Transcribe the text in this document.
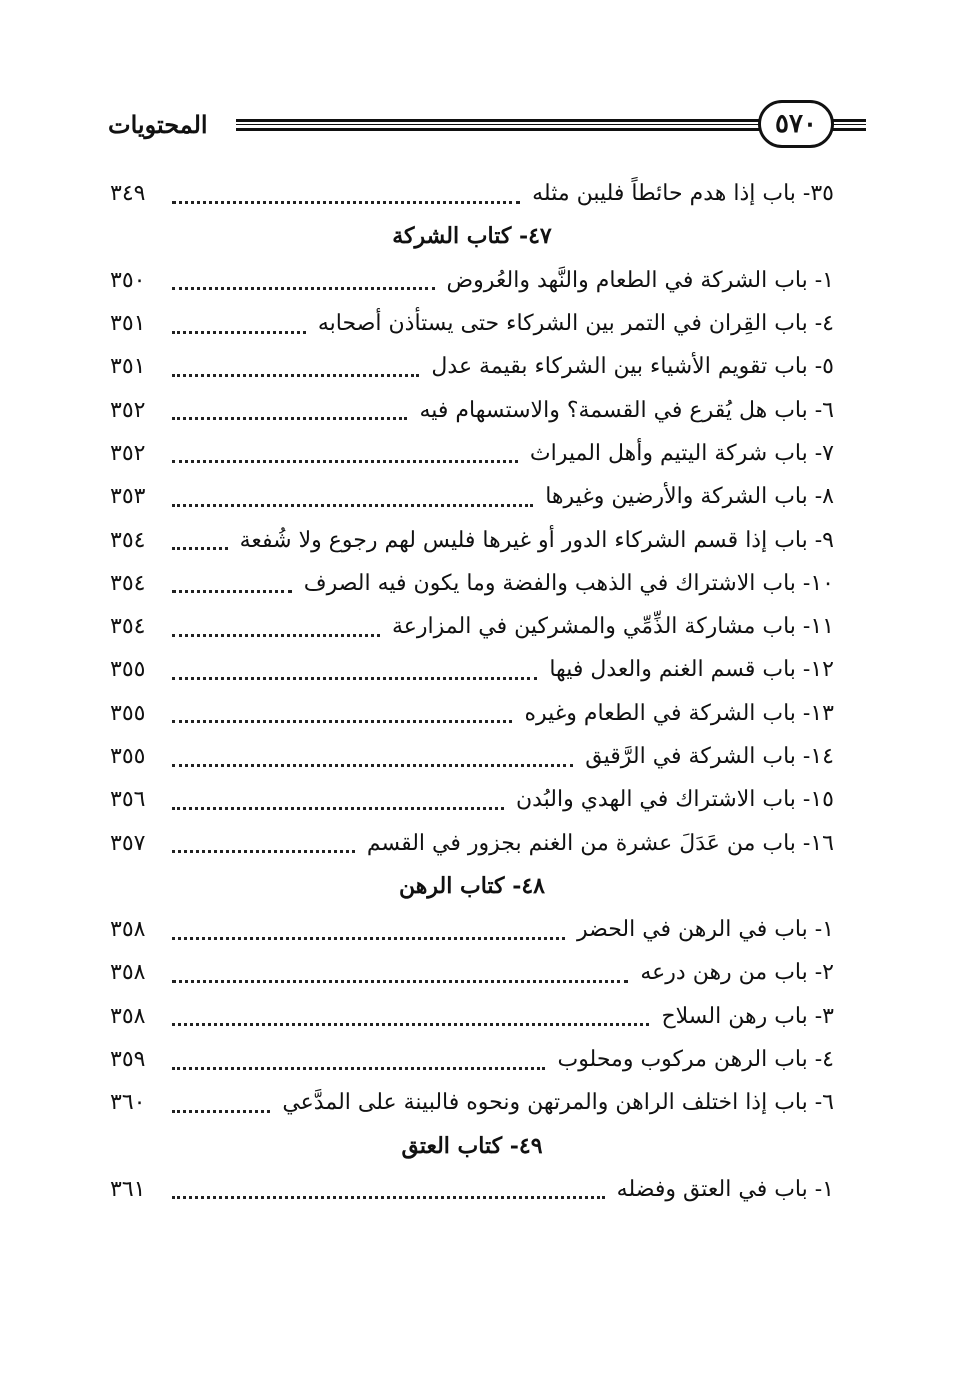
المحتويات	٥٧٠
٣٥- باب إذا هدم حائطاً فليبن مثله
٣٤٩
٤٧- كتاب الشركة
١- باب الشركة في الطعام والنَّهد والعُروض
٣٥٠
٤- باب القِران في التمر بين الشركاء حتى يستأذن أصحابه
٣٥١
٥- باب تقويم الأشياء بين الشركاء بقيمة عدل
٣٥١
٦- باب هل يُقرع في القسمة؟ والاستسهام فيه
٣٥٢
٧- باب شركة اليتيم وأهل الميراث
٣٥٢
٨- باب الشركة والأرضين وغيرها
٣٥٣
٩- باب إذا قسم الشركاء الدور أو غيرها فليس لهم رجوع ولا شُفعة
٣٥٤
١٠- باب الاشتراك في الذهب والفضة وما يكون فيه الصرف
٣٥٤
١١- باب مشاركة الذِّمِّي والمشركين في المزارعة
٣٥٤
١٢- باب قسم الغنم والعدل فيها
٣٥٥
١٣- باب الشركة في الطعام وغيره
٣٥٥
١٤- باب الشركة في الرَّقيق
٣٥٥
١٥- باب الاشتراك في الهدي والبُدن
٣٥٦
١٦- باب من عَدَلَ عشرة من الغنم بجزور في القسم
٣٥٧
٤٨- كتاب الرهن
١- باب في الرهن في الحضر
٣٥٨
٢- باب من رهن درعه
٣٥٨
٣- باب رهن السلاح
٣٥٨
٤- باب الرهن مركوب ومحلوب
٣٥٩
٦- باب إذا اختلف الراهن والمرتهن ونحوه فالبينة على المدَّعي
٣٦٠
٤٩- كتاب العتق
١- باب في العتق وفضله
٣٦١
